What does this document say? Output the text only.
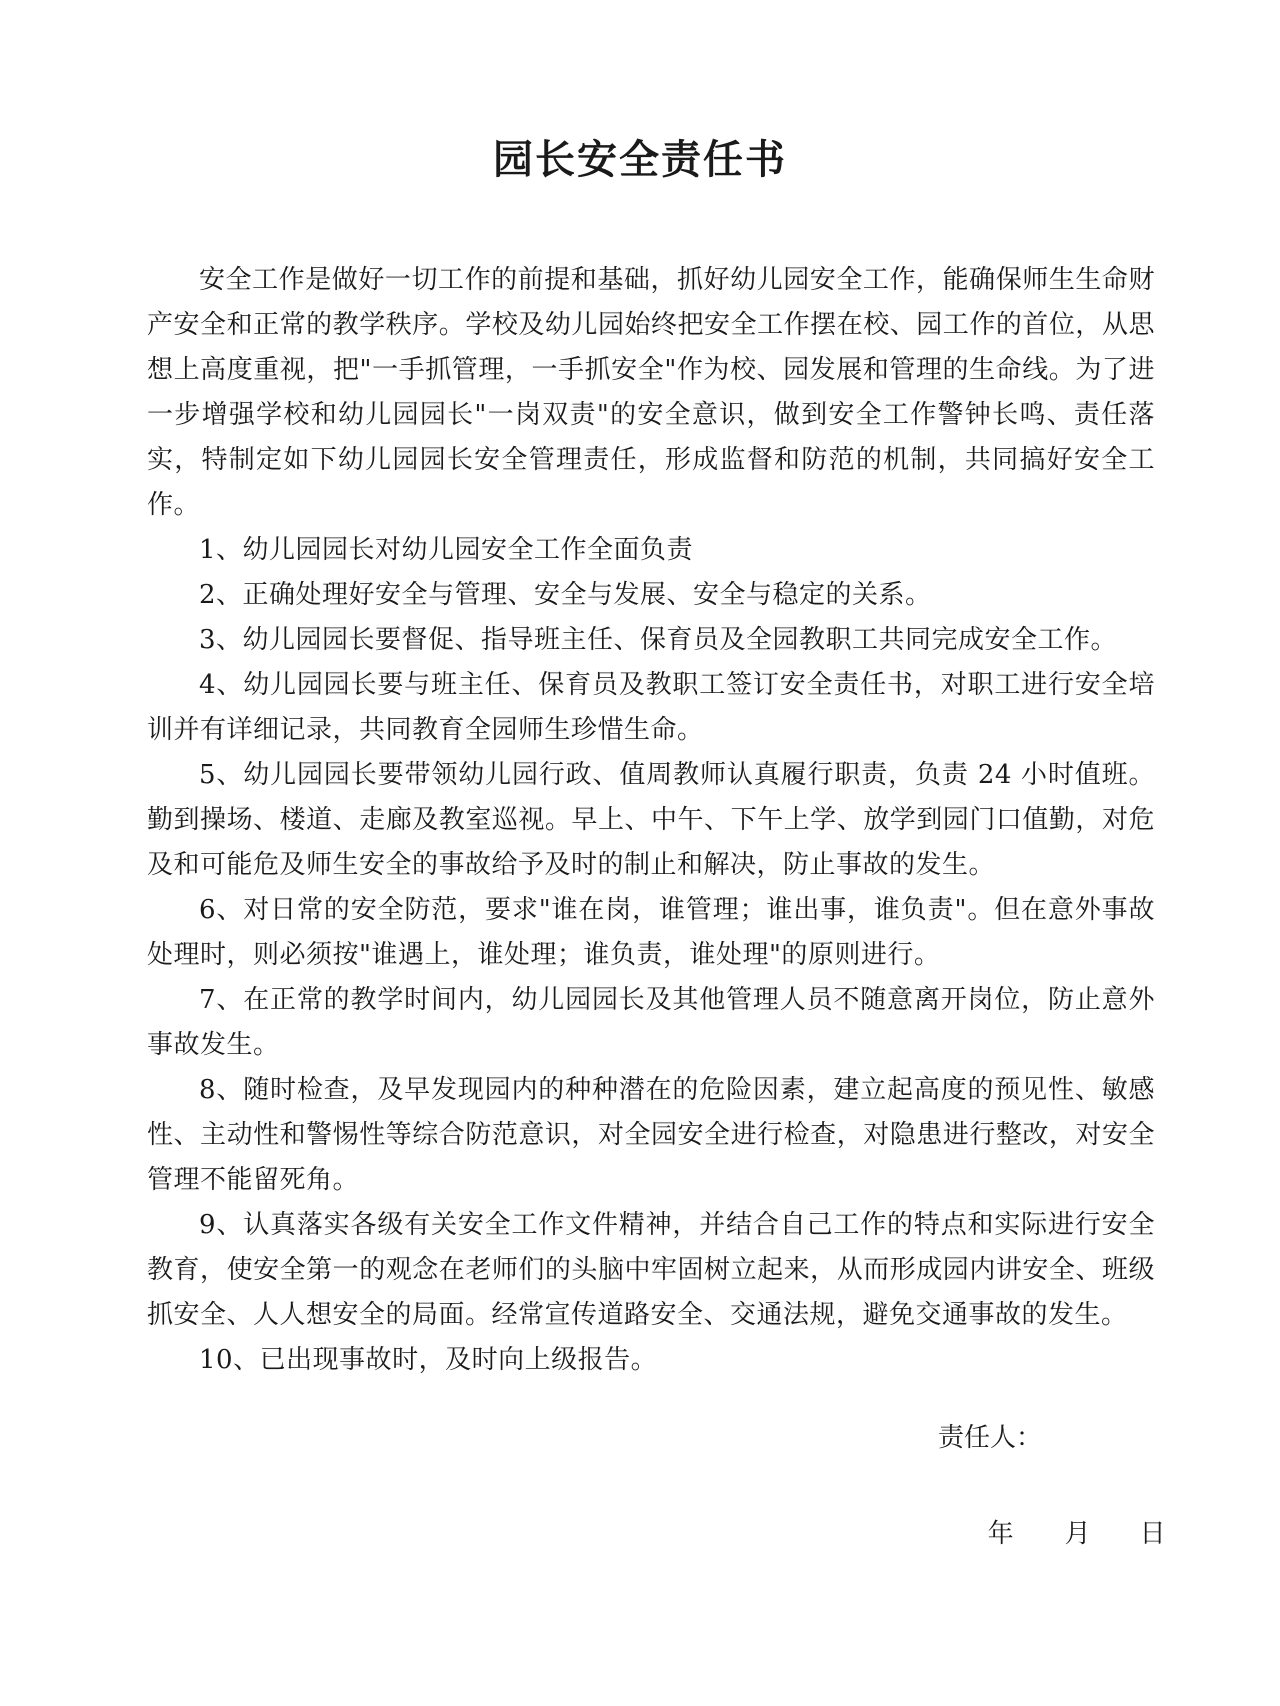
园长安全责任书

安全工作是做好一切工作的前提和基础，抓好幼儿园安全工作，能确保师生生命财产安全和正常的教学秩序。学校及幼儿园始终把安全工作摆在校、园工作的首位，从思想上高度重视，把"一手抓管理，一手抓安全"作为校、园发展和管理的生命线。为了进一步增强学校和幼儿园园长"一岗双责"的安全意识，做到安全工作警钟长鸣、责任落实，特制定如下幼儿园园长安全管理责任，形成监督和防范的机制，共同搞好安全工作。

1、幼儿园园长对幼儿园安全工作全面负责

2、正确处理好安全与管理、安全与发展、安全与稳定的关系。

3、幼儿园园长要督促、指导班主任、保育员及全园教职工共同完成安全工作。

4、幼儿园园长要与班主任、保育员及教职工签订安全责任书，对职工进行安全培训并有详细记录，共同教育全园师生珍惜生命。

5、幼儿园园长要带领幼儿园行政、值周教师认真履行职责，负责 24 小时值班。勤到操场、楼道、走廊及教室巡视。早上、中午、下午上学、放学到园门口值勤，对危及和可能危及师生安全的事故给予及时的制止和解决，防止事故的发生。

6、对日常的安全防范，要求"谁在岗，谁管理；谁出事，谁负责"。但在意外事故处理时，则必须按"谁遇上，谁处理；谁负责，谁处理"的原则进行。

7、在正常的教学时间内，幼儿园园长及其他管理人员不随意离开岗位，防止意外事故发生。

8、随时检查，及早发现园内的种种潜在的危险因素，建立起高度的预见性、敏感性、主动性和警惕性等综合防范意识，对全园安全进行检查，对隐患进行整改，对安全管理不能留死角。

9、认真落实各级有关安全工作文件精神，并结合自己工作的特点和实际进行安全教育，使安全第一的观念在老师们的头脑中牢固树立起来，从而形成园内讲安全、班级抓安全、人人想安全的局面。经常宣传道路安全、交通法规，避免交通事故的发生。

10、已出现事故时，及时向上级报告。

责任人：

年 月 日
